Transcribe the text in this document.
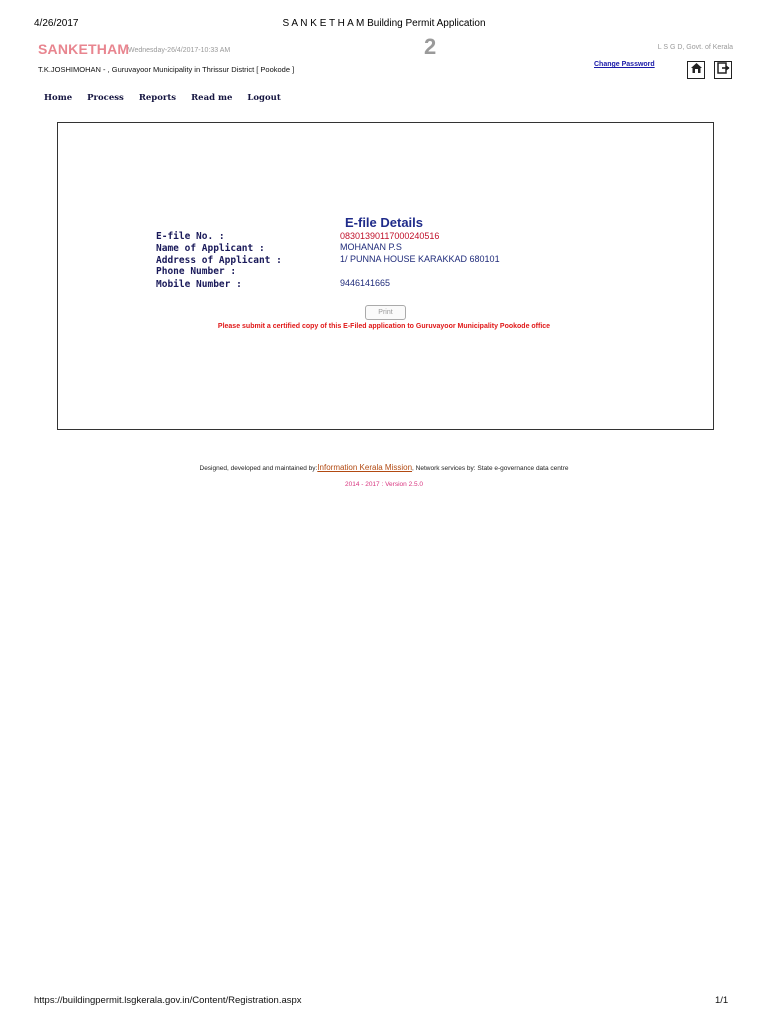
4/26/2017	S A N K E T H A M Building Permit Application
SANKETHAM
Wednesday-26/4/2017-10:33 AM	2	L S G D, Govt. of Kerala
T.K.JOSHIMOHAN - , Guruvayoor Municipality in Thrissur District [ Pookode ]
Change Password
Home Process Reports Read me Logout
E-file Details
E-file No. :	08301390117000240516
Name of Applicant :	MOHANAN P.S
Address of Applicant :	1/ PUNNA HOUSE KARAKKAD 680101
Phone Number :
Mobile Number :	9446141665
Print
Please submit a certified copy of this E-Filed application to Guruvayoor Municipality Pookode office
Designed, developed and maintained by:Information Kerala Mission, Network services by: State e-governance data centre
2014 - 2017 : Version 2.5.0
https://buildingpermit.lsgkerala.gov.in/Content/Registration.aspx	1/1
